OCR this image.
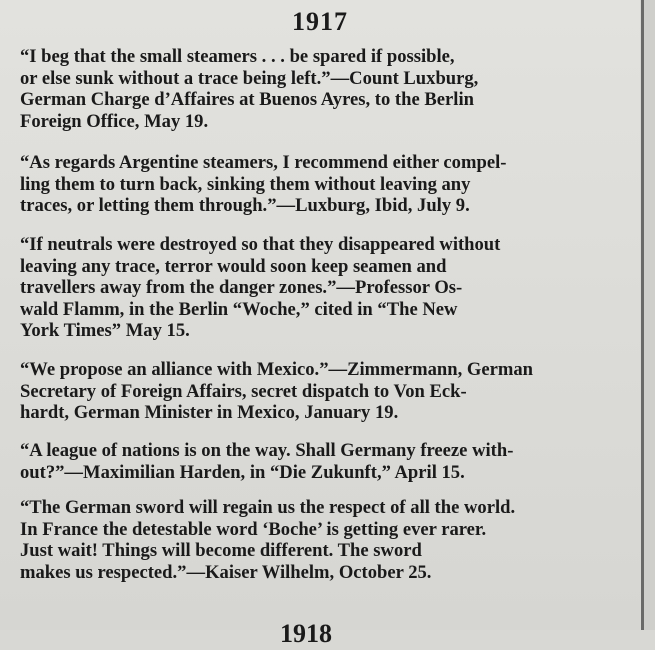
1917

“I beg that the small steamers . . . be spared if possible,
or else sunk without a trace being left.”—Count Luxburg,
German Charge d’Affaires at Buenos Ayres, to the Berlin
Foreign Office, May 19.

“As regards Argentine steamers, I recommend either compel-
ling them to turn back, sinking them without leaving any
traces, or letting them through.”—Luxburg, Ibid, July 9.

“If neutrals were destroyed so that they disappeared without
leaving any trace, terror would soon keep seamen and
travellers away from the danger zones.”—Professor Os-
wald Flamm, in the Berlin “Woche,” cited in “The New
York Times” May 15.

“We propose an alliance with Mexico.”—Zimmermann, German
Secretary of Foreign Affairs, secret dispatch to Von Eck-
hardt, German Minister in Mexico, January 19.

“A league of nations is on the way. Shall Germany freeze with-
out?”—Maximilian Harden, in “Die Zukunft,” April 15.

“The German sword will regain us the respect of all the world.
In France the detestable word ‘Boche’ is getting ever rarer.
Just wait! Things will become different. The sword
makes us respected.”—Kaiser Wilhelm, October 25.

1918
